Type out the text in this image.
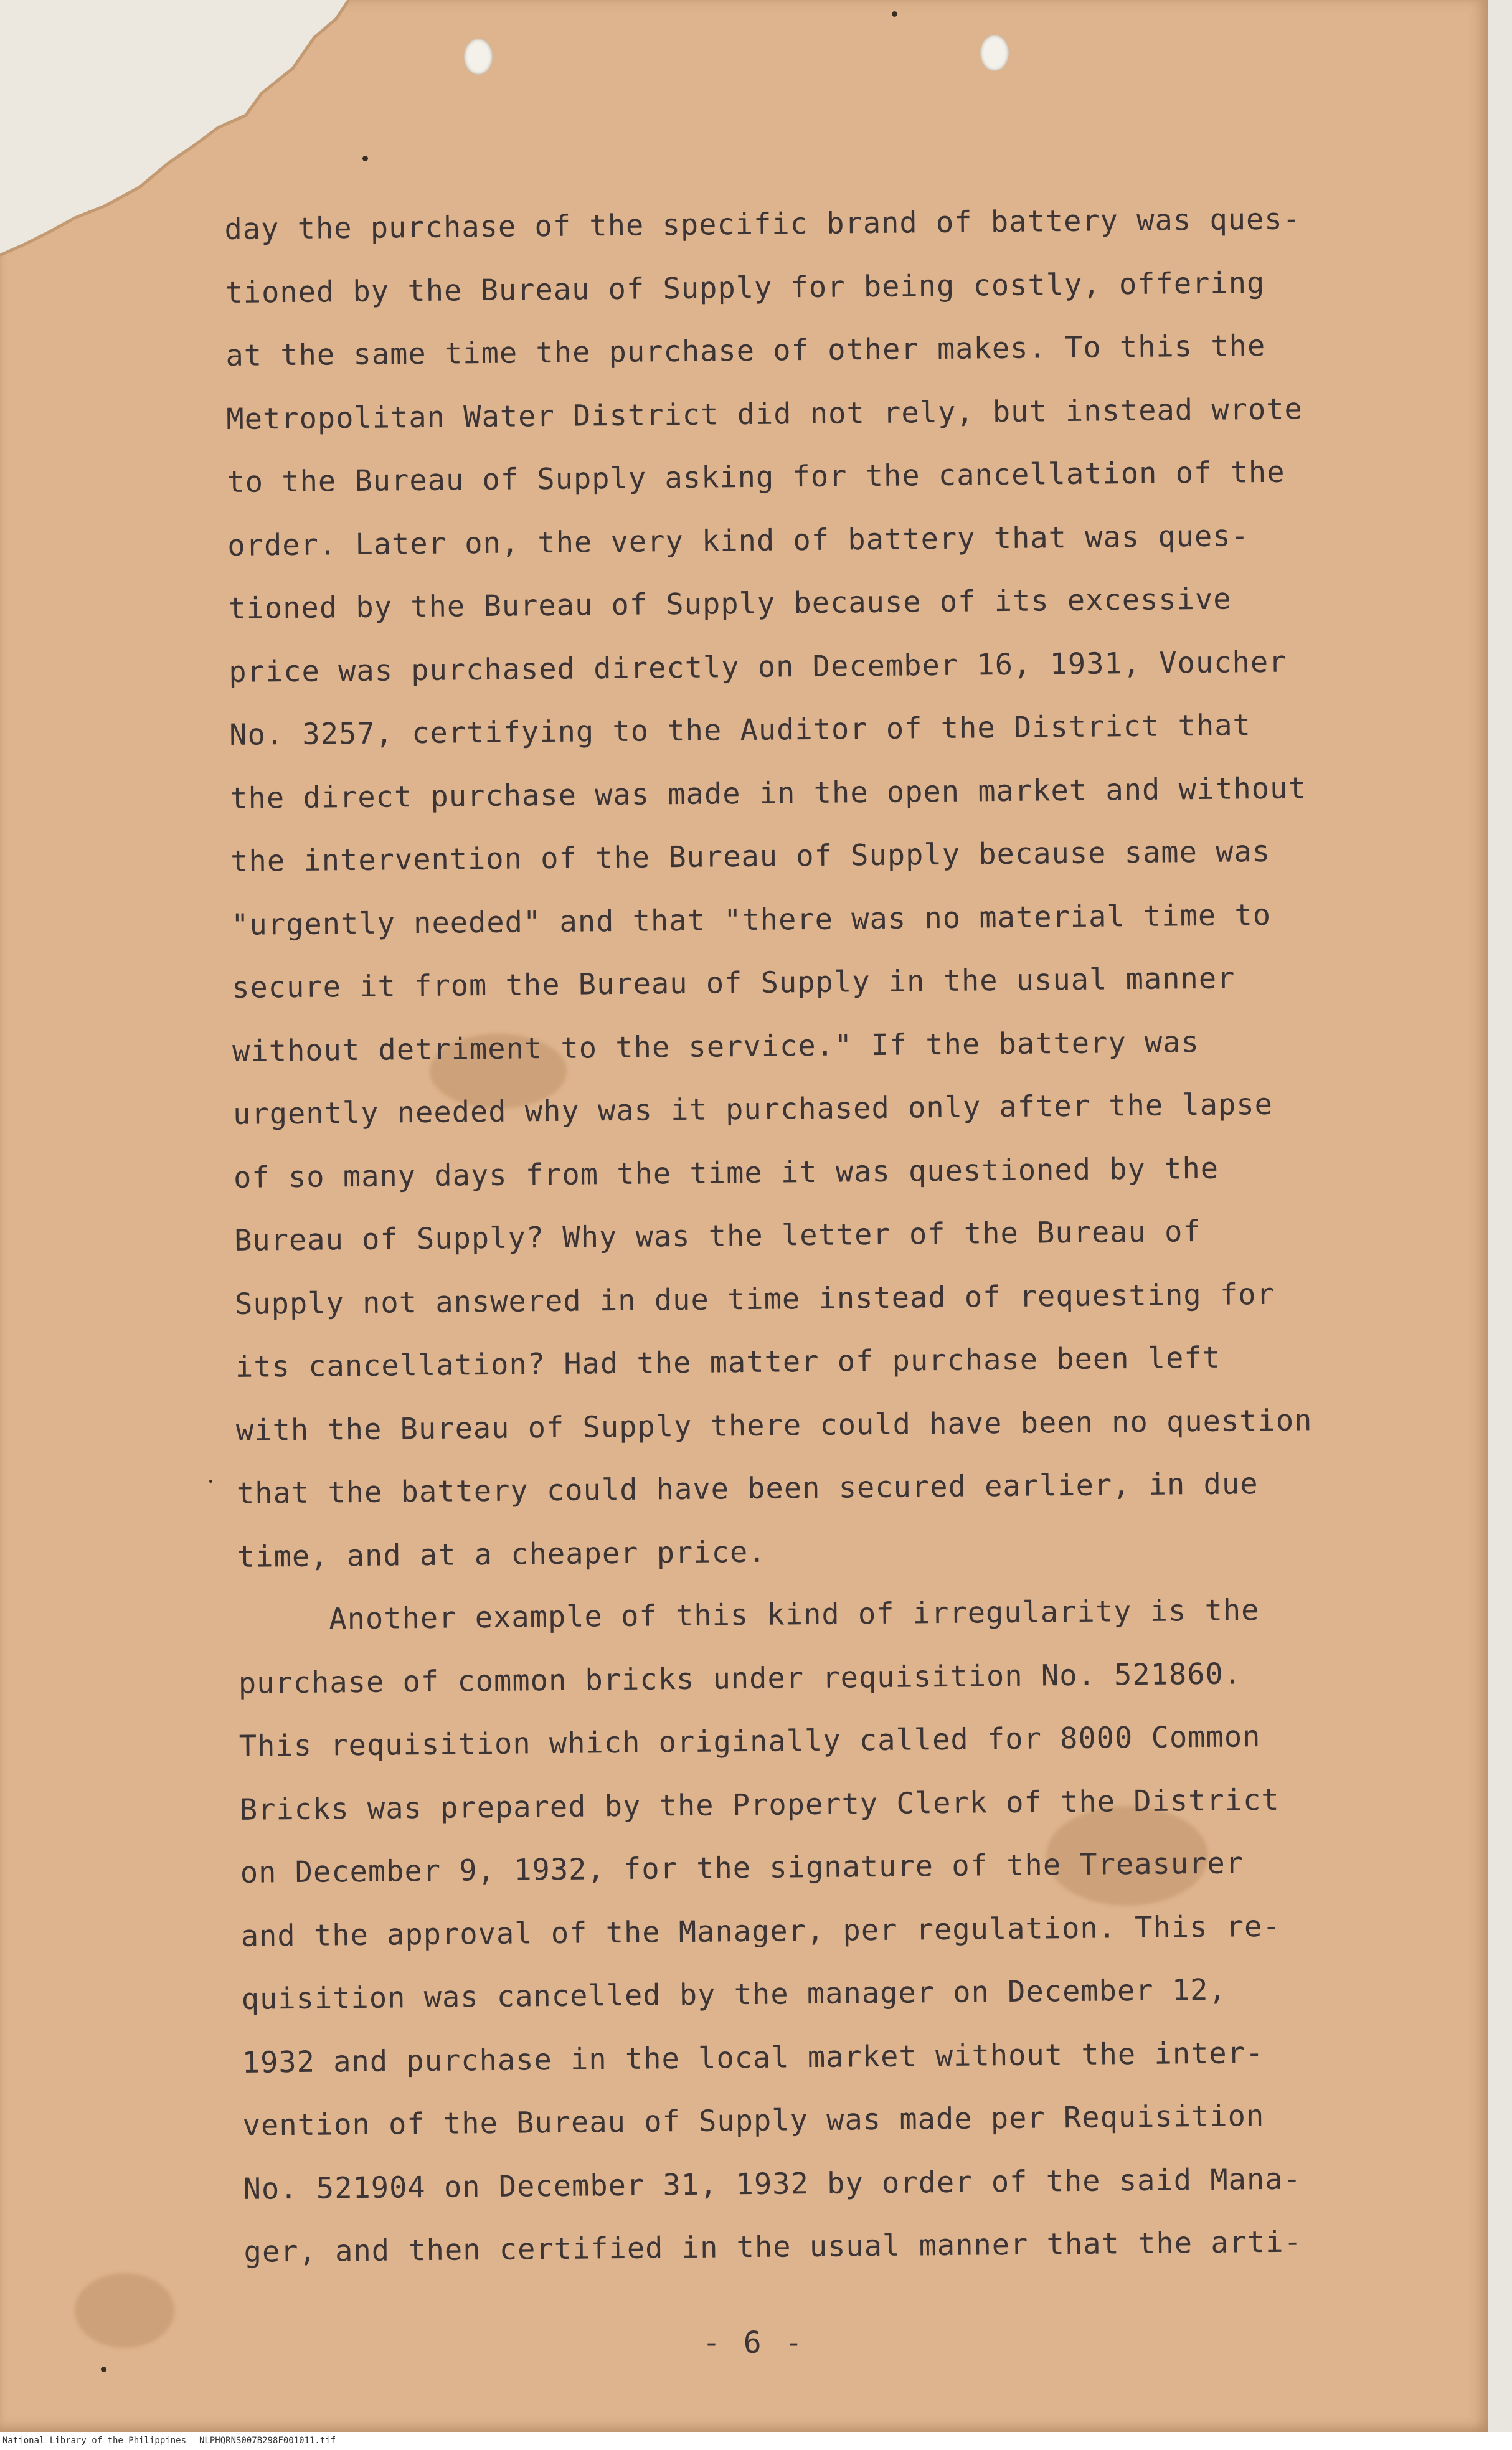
day the purchase of the specific brand of battery was ques-
tioned by the Bureau of Supply for being costly, offering
at the same time the purchase of other makes. To this the
Metropolitan Water District did not rely, but instead wrote
to the Bureau of Supply asking for the cancellation of the
order. Later on, the very kind of battery that was ques-
tioned by the Bureau of Supply because of its excessive
price was purchased directly on December 16, 1931, Voucher
No. 3257, certifying to the Auditor of the District that
the direct purchase was made in the open market and without
the intervention of the Bureau of Supply because same was
"urgently needed" and that "there was no material time to
secure it from the Bureau of Supply in the usual manner
without detriment to the service." If the battery was
urgently needed why was it purchased only after the lapse
of so many days from the time it was questioned by the
Bureau of Supply? Why was the letter of the Bureau of
Supply not answered in due time instead of requesting for
its cancellation? Had the matter of purchase been left
with the Bureau of Supply there could have been no question
that the battery could have been secured earlier, in due
time, and at a cheaper price.
Another example of this kind of irregularity is the
purchase of common bricks under requisition No. 521860.
This requisition which originally called for 8000 Common
Bricks was prepared by the Property Clerk of the District
on December 9, 1932, for the signature of the Treasurer
and the approval of the Manager, per regulation. This re-
quisition was cancelled by the manager on December 12,
1932 and purchase in the local market without the inter-
vention of the Bureau of Supply was made per Requisition
No. 521904 on December 31, 1932 by order of the said Mana-
ger, and then certified in the usual manner that the arti-
- 6 -
National Library of the Philippines NLPHQRNS007B298F001011.tif
